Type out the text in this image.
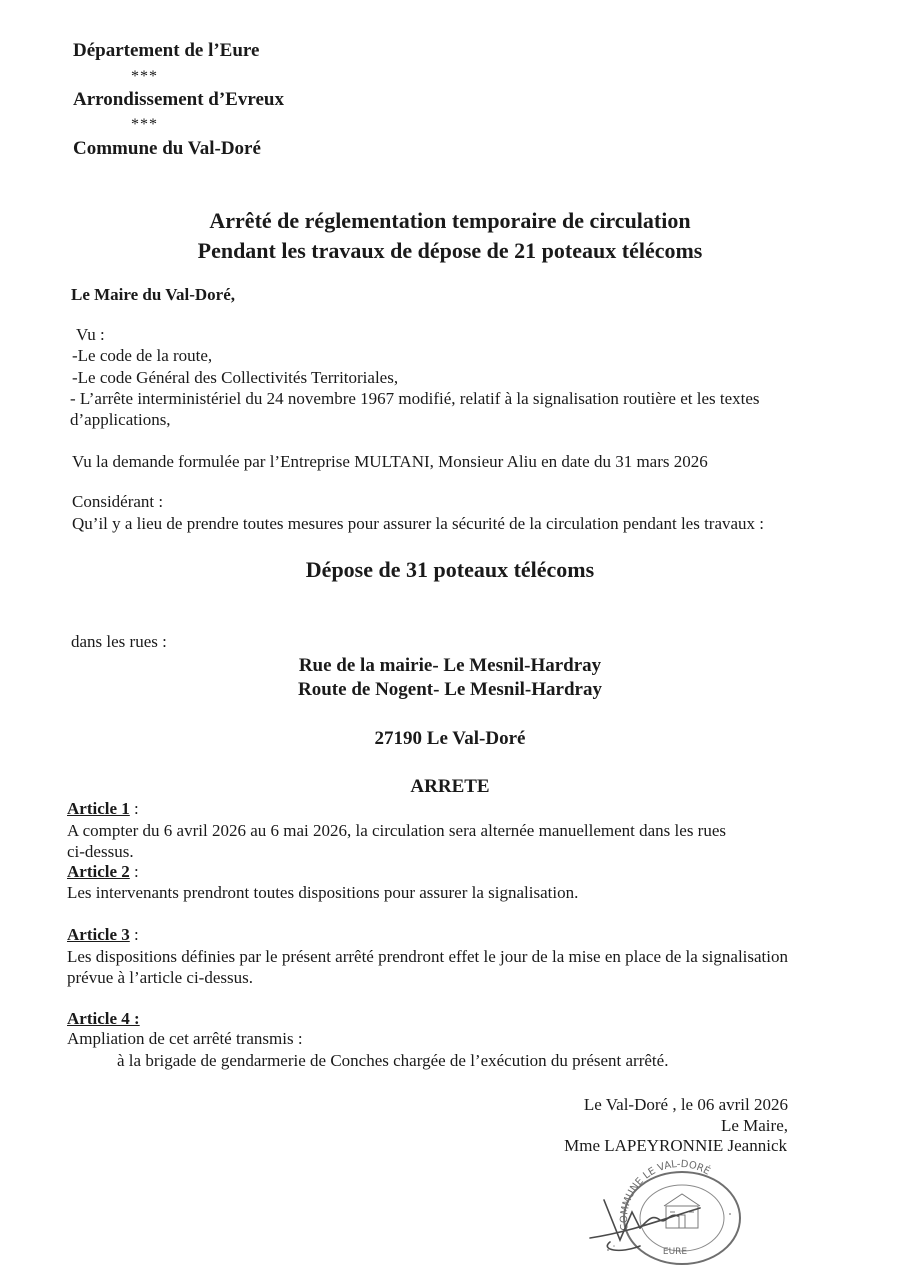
Département de l’Eure
***
Arrondissement d’Evreux
***
Commune du Val-Doré
Arrêté de réglementation temporaire de circulation
Pendant les travaux de dépose de 21 poteaux télécoms
Le Maire du Val-Doré,
Vu :
-Le code de la route,
-Le code Général des Collectivités Territoriales,
- L’arrête interministériel du 24 novembre 1967 modifié, relatif à la signalisation routière et les textes
d’applications,
Vu la demande formulée par l’Entreprise MULTANI, Monsieur Aliu en date du 31 mars 2026
Considérant :
Qu’il y a lieu de prendre toutes mesures pour assurer la sécurité de la circulation pendant les travaux :
Dépose de 31 poteaux télécoms
dans les rues :
Rue de la mairie- Le Mesnil-Hardray
Route de Nogent- Le Mesnil-Hardray
27190 Le Val-Doré
ARRETE
Article 1 :
A compter du 6 avril 2026 au 6 mai 2026, la circulation sera alternée manuellement dans les rues
ci-dessus.
Article 2 :
Les intervenants prendront toutes dispositions pour assurer la signalisation.
Article 3 :
Les dispositions définies par le présent arrêté prendront effet le jour de la mise en place de la signalisation
prévue à l’article ci-dessus.
Article 4 :
Ampliation de cet arrêté transmis :
à la brigade de gendarmerie de Conches chargée de l’exécution du présent arrêté.
Le Val-Doré , le 06 avril 2026
Le Maire,
Mme LAPEYRONNIE Jeannick
COMMUNE LE VAL-DORÉ
EURE
